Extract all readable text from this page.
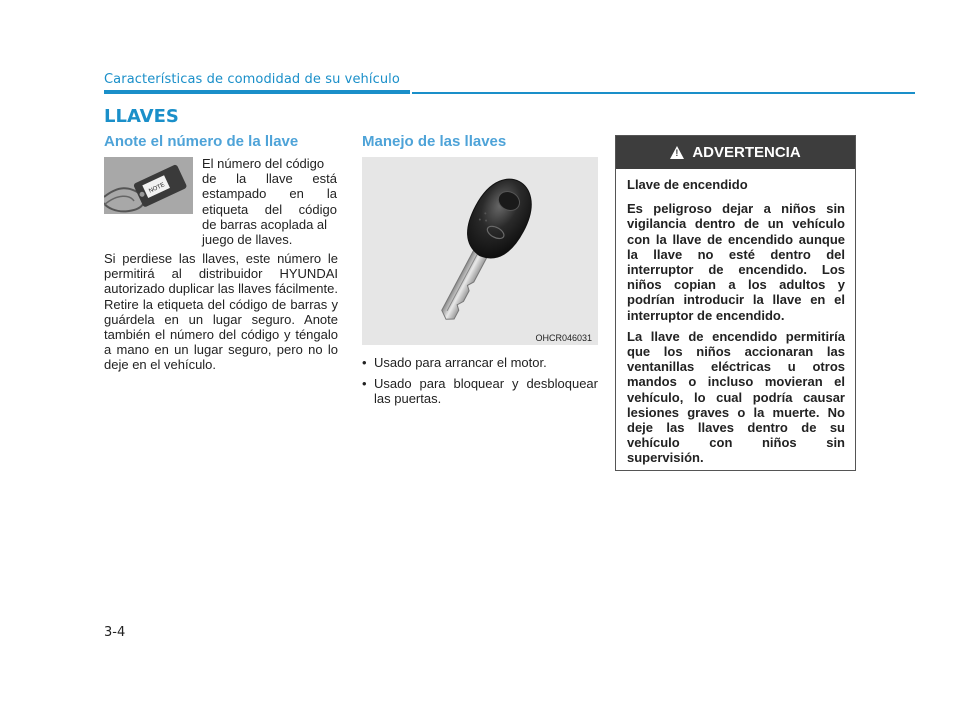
Características de comodidad de su vehículo
LLAVES
Anote el número de la llave
NOTE
El número del código
de la llave está
estampado en la
etiqueta del código
de barras acoplada al
juego de llaves.
Si perdiese las llaves, este número le permitirá al distribuidor HYUNDAI autorizado duplicar las llaves fácilmente. Retire la etiqueta del código de barras y guárdela en un lugar seguro. Anote también el número del código y téngalo a mano en un lugar seguro, pero no lo deje en el vehículo.
Manejo de las llaves
OHCR046031
• Usado para arrancar el motor.
• Usado para bloquear y desbloquear las puertas.
! ADVERTENCIA

Llave de encendido

Es peligroso dejar a niños sin vigilancia dentro de un vehículo con la llave de encendido aunque la llave no esté dentro del interruptor de encendido. Los niños copian a los adultos y podrían introducir la llave en el interruptor de encendido.

La llave de encendido permitiría que los niños accionaran las ventanillas eléctricas u otros mandos o incluso movieran el vehículo, lo cual podría causar lesiones graves o la muerte. No deje las llaves dentro de su vehículo con niños sin supervisión.

3-4
